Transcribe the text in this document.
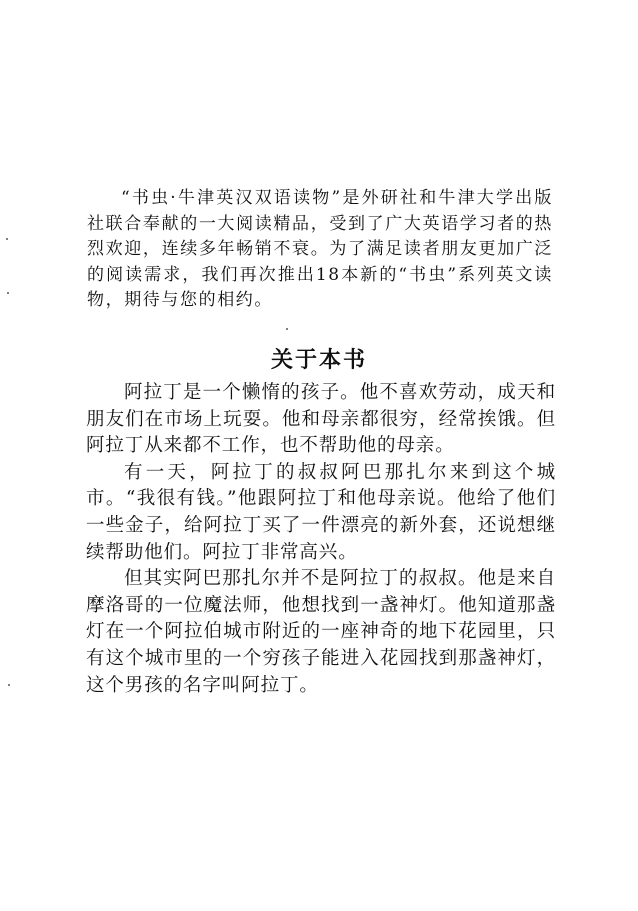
“书虫·牛津英汉双语读物”是外研社和牛津大学出版社联合奉献的一大阅读精品，受到了广大英语学习者的热烈欢迎，连续多年畅销不衰。为了满足读者朋友更加广泛的阅读需求，我们再次推出18本新的“书虫”系列英文读物，期待与您的相约。

关于本书

阿拉丁是一个懒惰的孩子。他不喜欢劳动，成天和朋友们在市场上玩耍。他和母亲都很穷，经常挨饿。但阿拉丁从来都不工作，也不帮助他的母亲。

有一天，阿拉丁的叔叔阿巴那扎尔来到这个城市。“我很有钱。”他跟阿拉丁和他母亲说。他给了他们一些金子，给阿拉丁买了一件漂亮的新外套，还说想继续帮助他们。阿拉丁非常高兴。

但其实阿巴那扎尔并不是阿拉丁的叔叔。他是来自摩洛哥的一位魔法师，他想找到一盏神灯。他知道那盏灯在一个阿拉伯城市附近的一座神奇的地下花园里，只有这个城市里的一个穷孩子能进入花园找到那盏神灯，这个男孩的名字叫阿拉丁。
